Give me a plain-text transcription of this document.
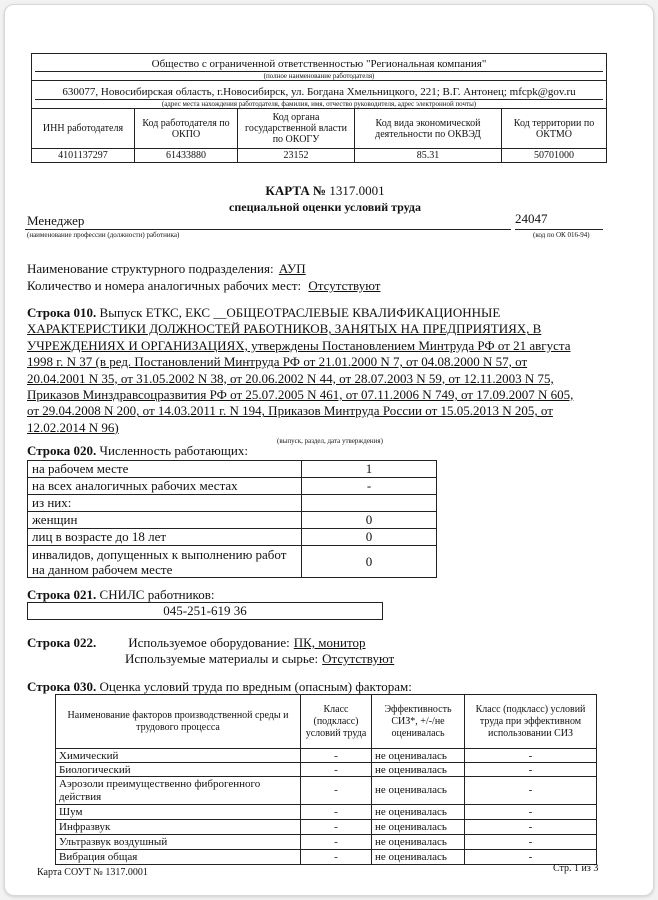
Общество с ограниченной ответственностью "Региональная компания"
(полное наименование работодателя)				

630077, Новосибирская область, г.Новосибирск, ул. Богдана Хмельницкого, 221; В.Г. Антонец; mfcpk@gov.ru
(адрес места нахождения работодателя, фамилия, имя, отчество руководителя, адрес электронной почты)				

ИНН работодателя	Код работодателя по ОКПО	Код органа государственной власти по ОКОГУ	Код вида экономической деятельности по ОКВЭД	Код территории по ОКТМО
4101137297	61433880	23152	85.31	50701000
КАРТА № 1317.0001
специальной оценки условий труда
Менеджер	24047
(наименование профессии (должности) работника)	(код по ОК 016-94)
Наименование структурного подразделения: АУП
Количество и номера аналогичных рабочих мест: Отсутствуют
Строка 010. Выпуск ЕТКС, ЕКС __ОБЩЕОТРАСЛЕВЫЕ КВАЛИФИКАЦИОННЫЕ
ХАРАКТЕРИСТИКИ ДОЛЖНОСТЕЙ РАБОТНИКОВ, ЗАНЯТЫХ НА ПРЕДПРИЯТИЯХ, В
УЧРЕЖДЕНИЯХ И ОРГАНИЗАЦИЯХ, утверждены Постановлением Минтруда РФ от 21 августа
1998 г. N 37 (в ред. Постановлений Минтруда РФ от 21.01.2000 N 7, от 04.08.2000 N 57, от
20.04.2001 N 35, от 31.05.2002 N 38, от 20.06.2002 N 44, от 28.07.2003 N 59, от 12.11.2003 N 75,
Приказов Минздравсоцразвития РФ от 25.07.2005 N 461, от 07.11.2006 N 749, от 17.09.2007 N 605,
от 29.04.2008 N 200, от 14.03.2011 г. N 194, Приказов Минтруда России от 15.05.2013 N 205, от
12.02.2014 N 96)
(выпуск, раздел, дата утверждения)
Строка 020. Численность работающих:
на рабочем месте	1
на всех аналогичных рабочих местах	-
из них:	
женщин	0
лиц в возрасте до 18 лет	0
инвалидов, допущенных к выполнению работ на данном рабочем месте	0
Строка 021. СНИЛС работников:
045-251-619 36
Строка 022. Используемое оборудование: ПК, монитор
Используемые материалы и сырье: Отсутствуют
Строка 030. Оценка условий труда по вредным (опасным) факторам:
Наименование факторов производственной среды и трудового процесса	Класс (подкласс) условий труда	Эффективность СИЗ*, +/-/не оценивалась	Класс (подкласс) условий труда при эффективном использовании СИЗ
Химический	-	не оценивалась	-
Биологический	-	не оценивалась	-
Аэрозоли преимущественно фиброгенного действия	-	не оценивалась	-
Шум	-	не оценивалась	-
Инфразвук	-	не оценивалась	-
Ультразвук воздушный	-	не оценивалась	-
Вибрация общая	-	не оценивалась	-
Карта СОУТ № 1317.0001	Стр. 1 из 3
